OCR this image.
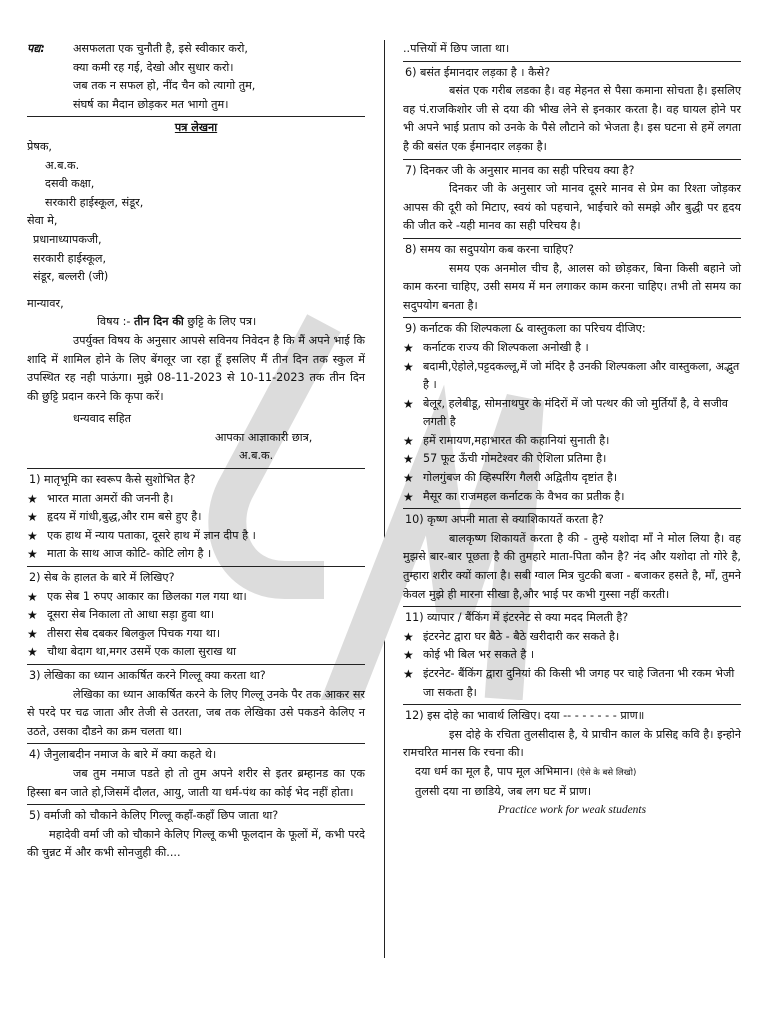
पद्य:	असफलता एक चुनौती है, इसे स्वीकार करो,
क्या कमी रह गई, देखो और सुधार करो।
जब तक न सफल हो, नींद चैन को त्यागो तुम,
संघर्ष का मैदान छोड़कर मत भागो तुम।
पत्र लेखना
प्रेषक,
अ.ब.क.
दसवी कक्षा,
सरकारी हाईस्कूल, संडूर,
सेवा मे,
प्रधानाध्यापकजी,
सरकारी हाईस्कूल,
संडूर, बल्लरी (जी)
मान्यावर,
विषय :- तीन दिन की छुट्टि के लिए पत्र।
उपर्युक्त विषय के अनुसार आपसे सविनय निवेदन है कि मैं अपने भाई कि शादि में शामिल होने के लिए बेंगलूर जा रहा हूँ इसलिए मैं तीन दिन तक स्कुल में उपस्थित रह नही पाऊंगा। मुझे 08-11-2023 से 10-11-2023 तक तीन दिन की छुट्टि प्रदान करने कि कृपा करें।
धन्यवाद सहित
आपका आज्ञाकारी छात्र,
अ.ब.क.
1) मातृभूमि का स्वरूप कैसे सुशोभित है?
★ भारत माता अमरों की जननी है।
★ हृदय में गांधी,बुद्ध,और राम बसे हुए है।
★ एक हाथ में न्याय पताका, दूसरे हाथ में ज्ञान दीप है ।
★ माता के साथ आज कोटि- कोटि लोग है ।
2) सेब के हालत के बारे में लिखिए?
★ एक सेब 1 रुपए आकार का छिलका गल गया था।
★ दूसरा सेब निकाला तो आधा सड़ा हुवा था।
★ तीसरा सेब दबकर बिलकुल पिचक गया था।
★ चौथा बेदाग था,मगर उसमें एक काला सुराख था
3) लेखिका का ध्यान आकर्षित करने गिल्लू क्या करता था?
लेखिका का ध्यान आकर्षित करने के लिए गिल्लू उनके पैर तक आकर सर से परदे पर चढ जाता और तेजी से उतरता, जब तक लेखिका उसे पकडने केलिए न उठते, उसका दौडने का क्रम चलता था।
4) जैनुलाबदीन नमाज के बारे में क्या कहते थे।
जब तुम नमाज पडते हो तो तुम अपने शरीर से इतर ब्रम्हानड का एक हिस्सा बन जाते हो,जिसमें दौलत, आयु, जाती या धर्म-पंथ का कोई भेद नहीं होता।
5) वर्माजी को चौकाने केलिए गिल्लू कहाँ-कहाँ छिप जाता था?
महादेवी वर्मा जी को चौकाने केलिए गिल्लू कभी फूलदान के फूलों में, कभी परदे की चुन्नट में और कभी सोनजुही की....
..पत्तियों में छिप जाता था।
6) बसंत ईमानदार लड़का है । कैसे?
बसंत एक गरीब लडका है। वह मेहनत से पैसा कमाना सोचता है। इसलिए वह पं.राजकिशोर जी से दया की भीख लेने से इनकार करता है। वह घायल होने पर भी अपने भाई प्रताप को उनके के पैसे लौटाने को भेजता है। इस घटना से हमें लगता है की बसंत एक ईमानदार लड़का है।
7) दिनकर जी के अनुसार मानव का सही परिचय क्या है?
दिनकर जी के अनुसार जो मानव दूसरे मानव से प्रेम का रिश्ता जोड़कर आपस की दूरी को मिटाए, स्वयं को पहचाने, भाईचारे को समझे और बुद्धी पर हृदय की जीत करे -यही मानव का सही परिचय है।
8) समय का सदुपयोग कब करना चाहिए?
समय एक अनमोल चीच है, आलस को छोड़कर, बिना किसी बहाने जो काम करना चाहिए, उसी समय में मन लगाकर काम करना चाहिए। तभी तो समय का सदुपयोग बनता है।
9) कर्नाटक की शिल्पकला & वास्तुकला का परिचय दीजिए:
★ कर्नाटक राज्य की शिल्पकला अनोखी है ।
★ बदामी,ऐहोले,पट्टदकल्लू,में जो मंदिर है उनकी शिल्पकला और वास्तुकला, अद्भुत है ।
★ बेलूर, हलेबीडू, सोमनाथपुर के मंदिरों में जो पत्थर की जो मुर्तियाँ है, वे सजीव लगती है
★ हमें रामायण,महाभारत की कहानियां सुनाती है।
★ 57 फूट ऊँची गोमटेश्वर की ऐशिला प्रतिमा है।
★ गोलगुंबज की व्हिस्परिंग गैलरी अद्वितीय दृष्टांत है।
★ मैसूर का राजमहल कर्नाटक के वैभव का प्रतीक है।
10) कृष्ण अपनी माता से क्याशिकायतें करता है?
बालकृष्ण शिकायतें करता है की - तुम्हे यशोदा माँ ने मोल लिया है। वह मुझसे बार-बार पूछता है की तुमहारे माता-पिता कौन है? नंद और यशोदा तो गोरे है, तुम्हारा शरीर क्यों काला है। सबी ग्वाल मित्र चुटकी बजा - बजाकर हसते है, माँ, तुमने केवल मुझे ही मारना सीखा है,और भाई पर कभी गुस्सा नहीं करती।
11) व्यापार / बैंकिंग में इंटरनेट से क्या मदद मिलती है?
★ इंटरनेट द्वारा घर बैठे - बैठे खरीदारी कर सकते है।
★ कोई भी बिल भर सकते है ।
★ इंटरनेट- बैंकिंग द्वारा दुनियां की किसी भी जगह पर चाहे जितना भी रकम भेजी जा सकता है।
12) इस दोहे का भावार्थ लिखिए। दया -- - - - - - - प्राण॥
इस दोहे के रचिता तुलसीदास है, ये प्राचीन काल के प्रसिद्द कवि है। इन्होने रामचरित मानस कि रचना की।
दया धर्म का मूल है, पाप मूल अभिमान। (ऐसे के बसे लिखो)
तुलसी दया ना छाडिये, जब लग घट में प्राण।
Practice work for weak students
